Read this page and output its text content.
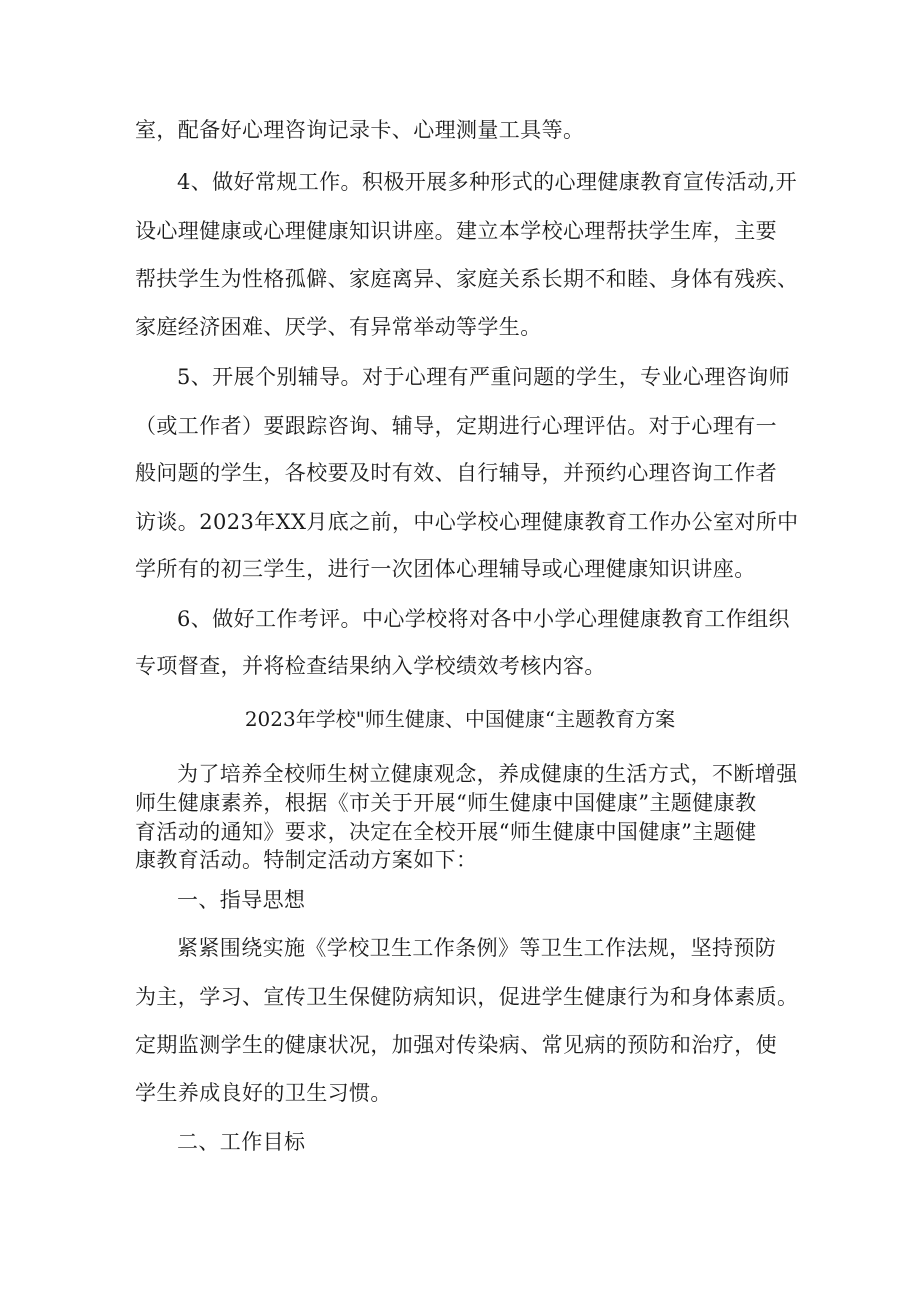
室，配备好心理咨询记录卡、心理测量工具等。
4、做好常规工作。积极开展多种形式的心理健康教育宣传活动,开
设心理健康或心理健康知识讲座。建立本学校心理帮扶学生库，主要
帮扶学生为性格孤僻、家庭离异、家庭关系长期不和睦、身体有残疾、
家庭经济困难、厌学、有异常举动等学生。
5、开展个别辅导。对于心理有严重问题的学生，专业心理咨询师
（或工作者）要跟踪咨询、辅导，定期进行心理评估。对于心理有一
般问题的学生，各校要及时有效、自行辅导，并预约心理咨询工作者
访谈。2023年XX月底之前，中心学校心理健康教育工作办公室对所中
学所有的初三学生，进行一次团体心理辅导或心理健康知识讲座。
6、做好工作考评。中心学校将对各中小学心理健康教育工作组织
专项督查，并将检查结果纳入学校绩效考核内容。
2023年学校"师生健康、中国健康“主题教育方案
为了培养全校师生树立健康观念，养成健康的生活方式，不断增强
师生健康素养，根据《市关于开展“师生健康中国健康”主题健康教
育活动的通知》要求，决定在全校开展“师生健康中国健康”主题健
康教育活动。特制定活动方案如下：
一、指导思想
紧紧围绕实施《学校卫生工作条例》等卫生工作法规，坚持预防
为主，学习、宣传卫生保健防病知识，促进学生健康行为和身体素质。
定期监测学生的健康状况，加强对传染病、常见病的预防和治疗，使
学生养成良好的卫生习惯。
二、工作目标
